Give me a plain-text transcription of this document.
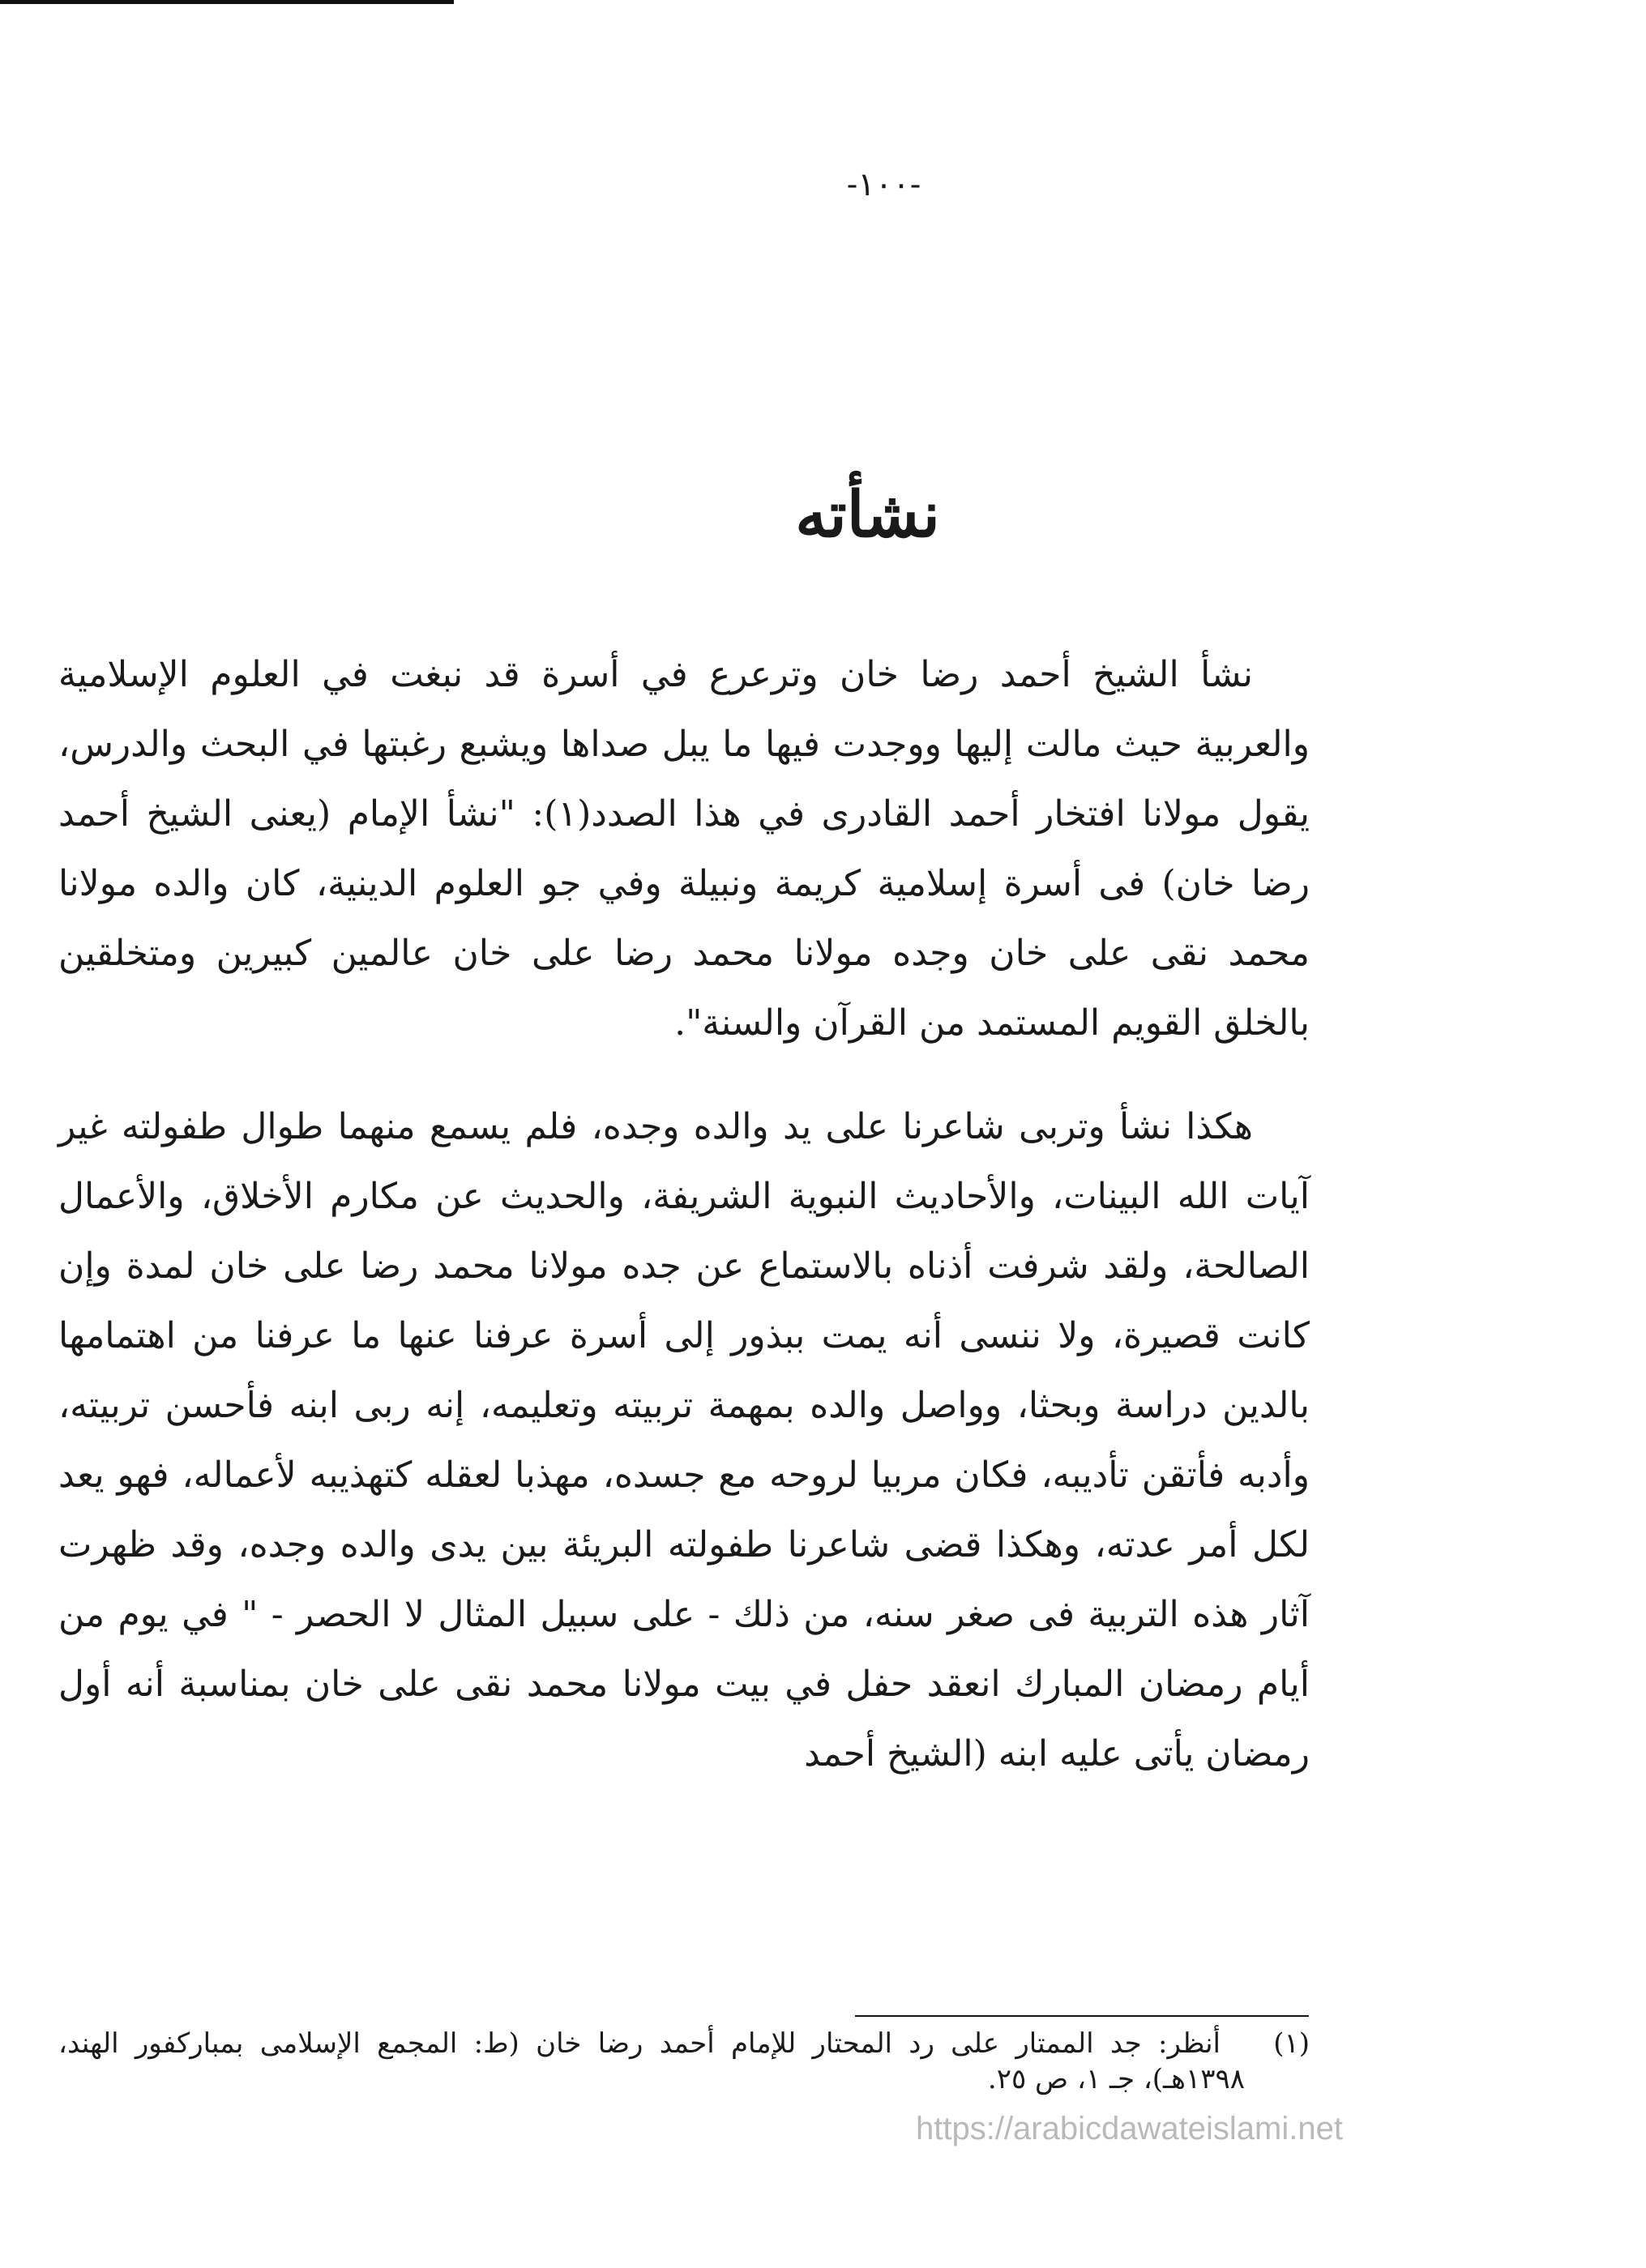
-١٠٠-
نشأته

نشأ الشيخ أحمد رضا خان وترعرع في أسرة قد نبغت في العلوم الإسلامية والعربية حيث مالت إليها ووجدت فيها ما يبل صداها ويشبع رغبتها في البحث والدرس، يقول مولانا افتخار أحمد القادرى في هذا الصدد(١): "نشأ الإمام (يعنى الشيخ أحمد رضا خان) فى أسرة إسلامية كريمة ونبيلة وفي جو العلوم الدينية، كان والده مولانا محمد نقى على خان وجده مولانا محمد رضا على خان عالمين كبيرين ومتخلقين بالخلق القويم المستمد من القرآن والسنة".

هكذا نشأ وتربى شاعرنا على يد والده وجده، فلم يسمع منهما طوال طفولته غير آيات الله البينات، والأحاديث النبوية الشريفة، والحديث عن مكارم الأخلاق، والأعمال الصالحة، ولقد شرفت أذناه بالاستماع عن جده مولانا محمد رضا على خان لمدة وإن كانت قصيرة، ولا ننسى أنه يمت ببذور إلى أسرة عرفنا عنها ما عرفنا من اهتمامها بالدين دراسة وبحثا، وواصل والده بمهمة تربيته وتعليمه، إنه ربى ابنه فأحسن تربيته، وأدبه فأتقن تأديبه، فكان مربيا لروحه مع جسده، مهذبا لعقله كتهذيبه لأعماله، فهو يعد لكل أمر عدته، وهكذا قضى شاعرنا طفولته البريئة بين يدى والده وجده، وقد ظهرت آثار هذه التربية فى صغر سنه، من ذلك - على سبيل المثال لا الحصر - " في يوم من أيام رمضان المبارك انعقد حفل في بيت مولانا محمد نقى على خان بمناسبة أنه أول رمضان يأتى عليه ابنه (الشيخ أحمد

(١)
أنظر: جد الممتار على رد المحتار للإمام أحمد رضا خان (ط: المجمع الإسلامى بمباركفور الهند، ١٣٩٨هـ)، جـ ١، ص ٢٥.
https://arabicdawateislami.net
